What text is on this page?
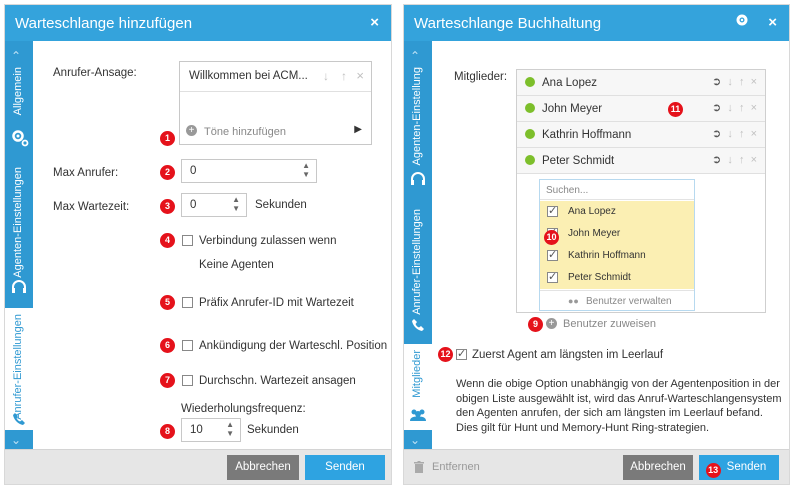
Warteschlange hinzufügen	×
⌃
Allgemein
Agenten-Einstellungen
Anrufer-Einstellungen
⌄
Anrufer-Ansage:	Willkommen bei ACM... ↓ ↑ ×
+ Töne hinzufügen	▶
1
Max Anrufer:	2	0	▲
▼
Max Wartezeit:	3	0	▲
▼ Sekunden
4	Verbindung zulassen wenn
Keine Agenten
5	Präfix Anrufer-ID mit Wartezeit
6	Ankündigung der Warteschl. Position
7	Durchschn. Wartezeit ansagen
Wiederholungsfrequenz:
8	10	▲
▼ Sekunden
Abbrechen	Senden
Warteschlange Buchhaltung	×
⌃
Agenten-Einstellung
Anrufer-Einstellungen
Mitglieder
⌄
Mitglieder:	Ana Lopez	➲ ↓ ↑ ×
John Meyer	➲ ↓ ↑ ×
Kathrin Hoffmann	➲ ↓ ↑ ×
Peter Schmidt	➲ ↓ ↑ ×
Suchen...
✓
Ana Lopez
✓
John Meyer
✓
Kathrin Hoffmann
✓
Peter Schmidt
●● Benutzer verwalten
10
11
9	+ Benutzer zuweisen
12
✓ Zuerst Agent am längsten im Leerlauf

Wenn die obige Option unabhängig von der Agentenposition in der obigen Liste ausgewählt ist, wird das Anruf-Warteschlangensystem den Agenten anrufen, der sich am längsten im Leerlauf befand. Dies gilt für Hunt und Memory-Hunt Ring-strategien.

Entfernen	Abbrechen	13 Senden
